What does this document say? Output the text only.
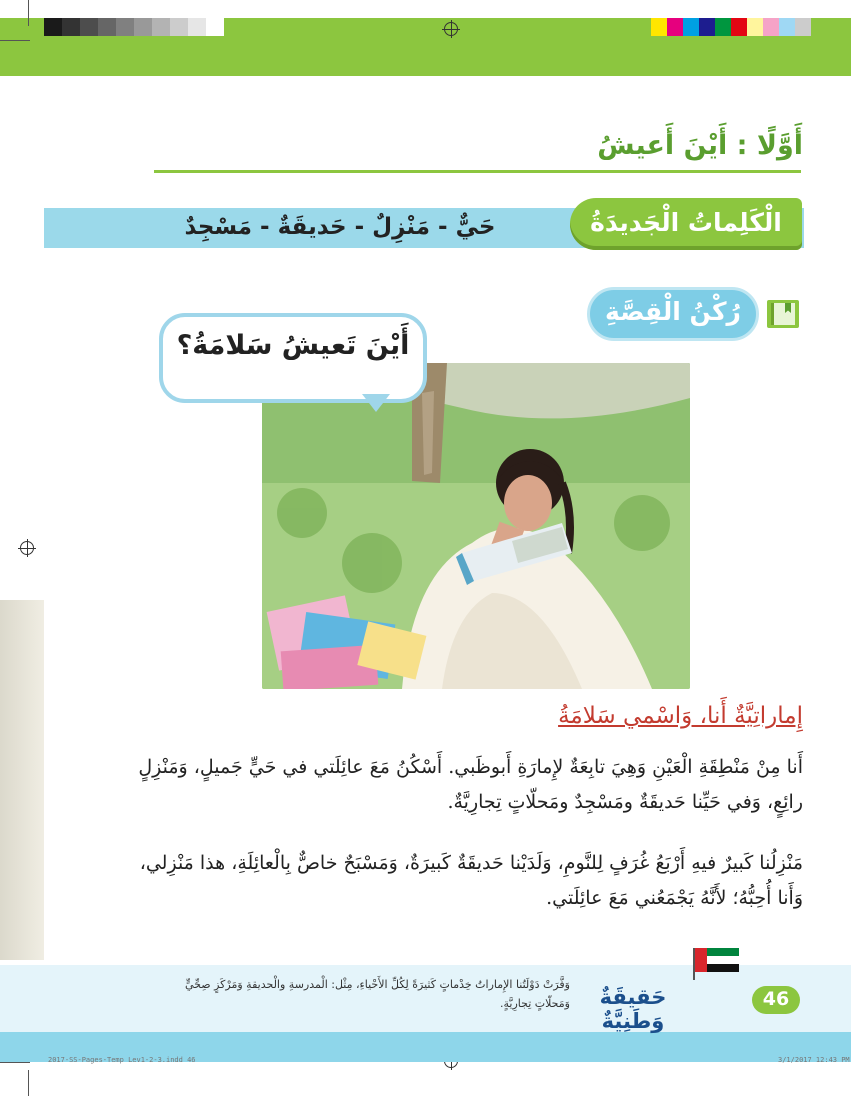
أَوَّلًا : أَيْنَ أَعيشُ
الْكَلِماتُ الْجَديدَةُ
حَيٌّ - مَنْزِلٌ - حَديقَةٌ - مَسْجِدٌ
رُكْنُ الْقِصَّةِ
أَيْنَ تَعيشُ سَلامَةُ؟
إِماراتِيَّةٌ أَنا، وَاسْمي سَلامَةُ
أَنا مِنْ مَنْطِقَةِ الْعَيْنِ وَهِيَ تابِعَةٌ لإِمارَةِ أَبوظَبي. أَسْكُنُ مَعَ عائِلَتي في حَيٍّ جَميلٍ، وَمَنْزِلٍ رائِعٍ، وَفي حَيِّنا حَديقَةٌ ومَسْجِدٌ ومَحلّاتٍ تِجارِيَّةٌ.
مَنْزِلُنا كَبيرٌ فيهِ أَرْبَعُ غُرَفٍ لِلنَّومِ، وَلَدَيْنا حَديقَةٌ كَبيرَةٌ، وَمَسْبَحٌ خاصٌّ بِالْعائِلَةِ، هذا مَنْزِلي، وَأَنا أُحِبُّهُ؛ لأَنَّهُ يَجْمَعُني مَعَ عائِلَتي.
46
حَقيقَةٌ وَطَنِيَّةٌ
وَفَّرَتْ دَوْلَتُنا الإِماراتُ خِدْماتٍ كَثيرَةً لِكُلِّ الأَحْياءِ، مِثْل: الْمدرسةِ والْحديقةِ وَمَرْكَزٍ صِحِّيٍّ وَمَحلّاتٍ تِجارِيَّةٍ.
2017-SS-Pages-Temp Lev1-2-3.indd 46	3/1/2017 12:43 PM
